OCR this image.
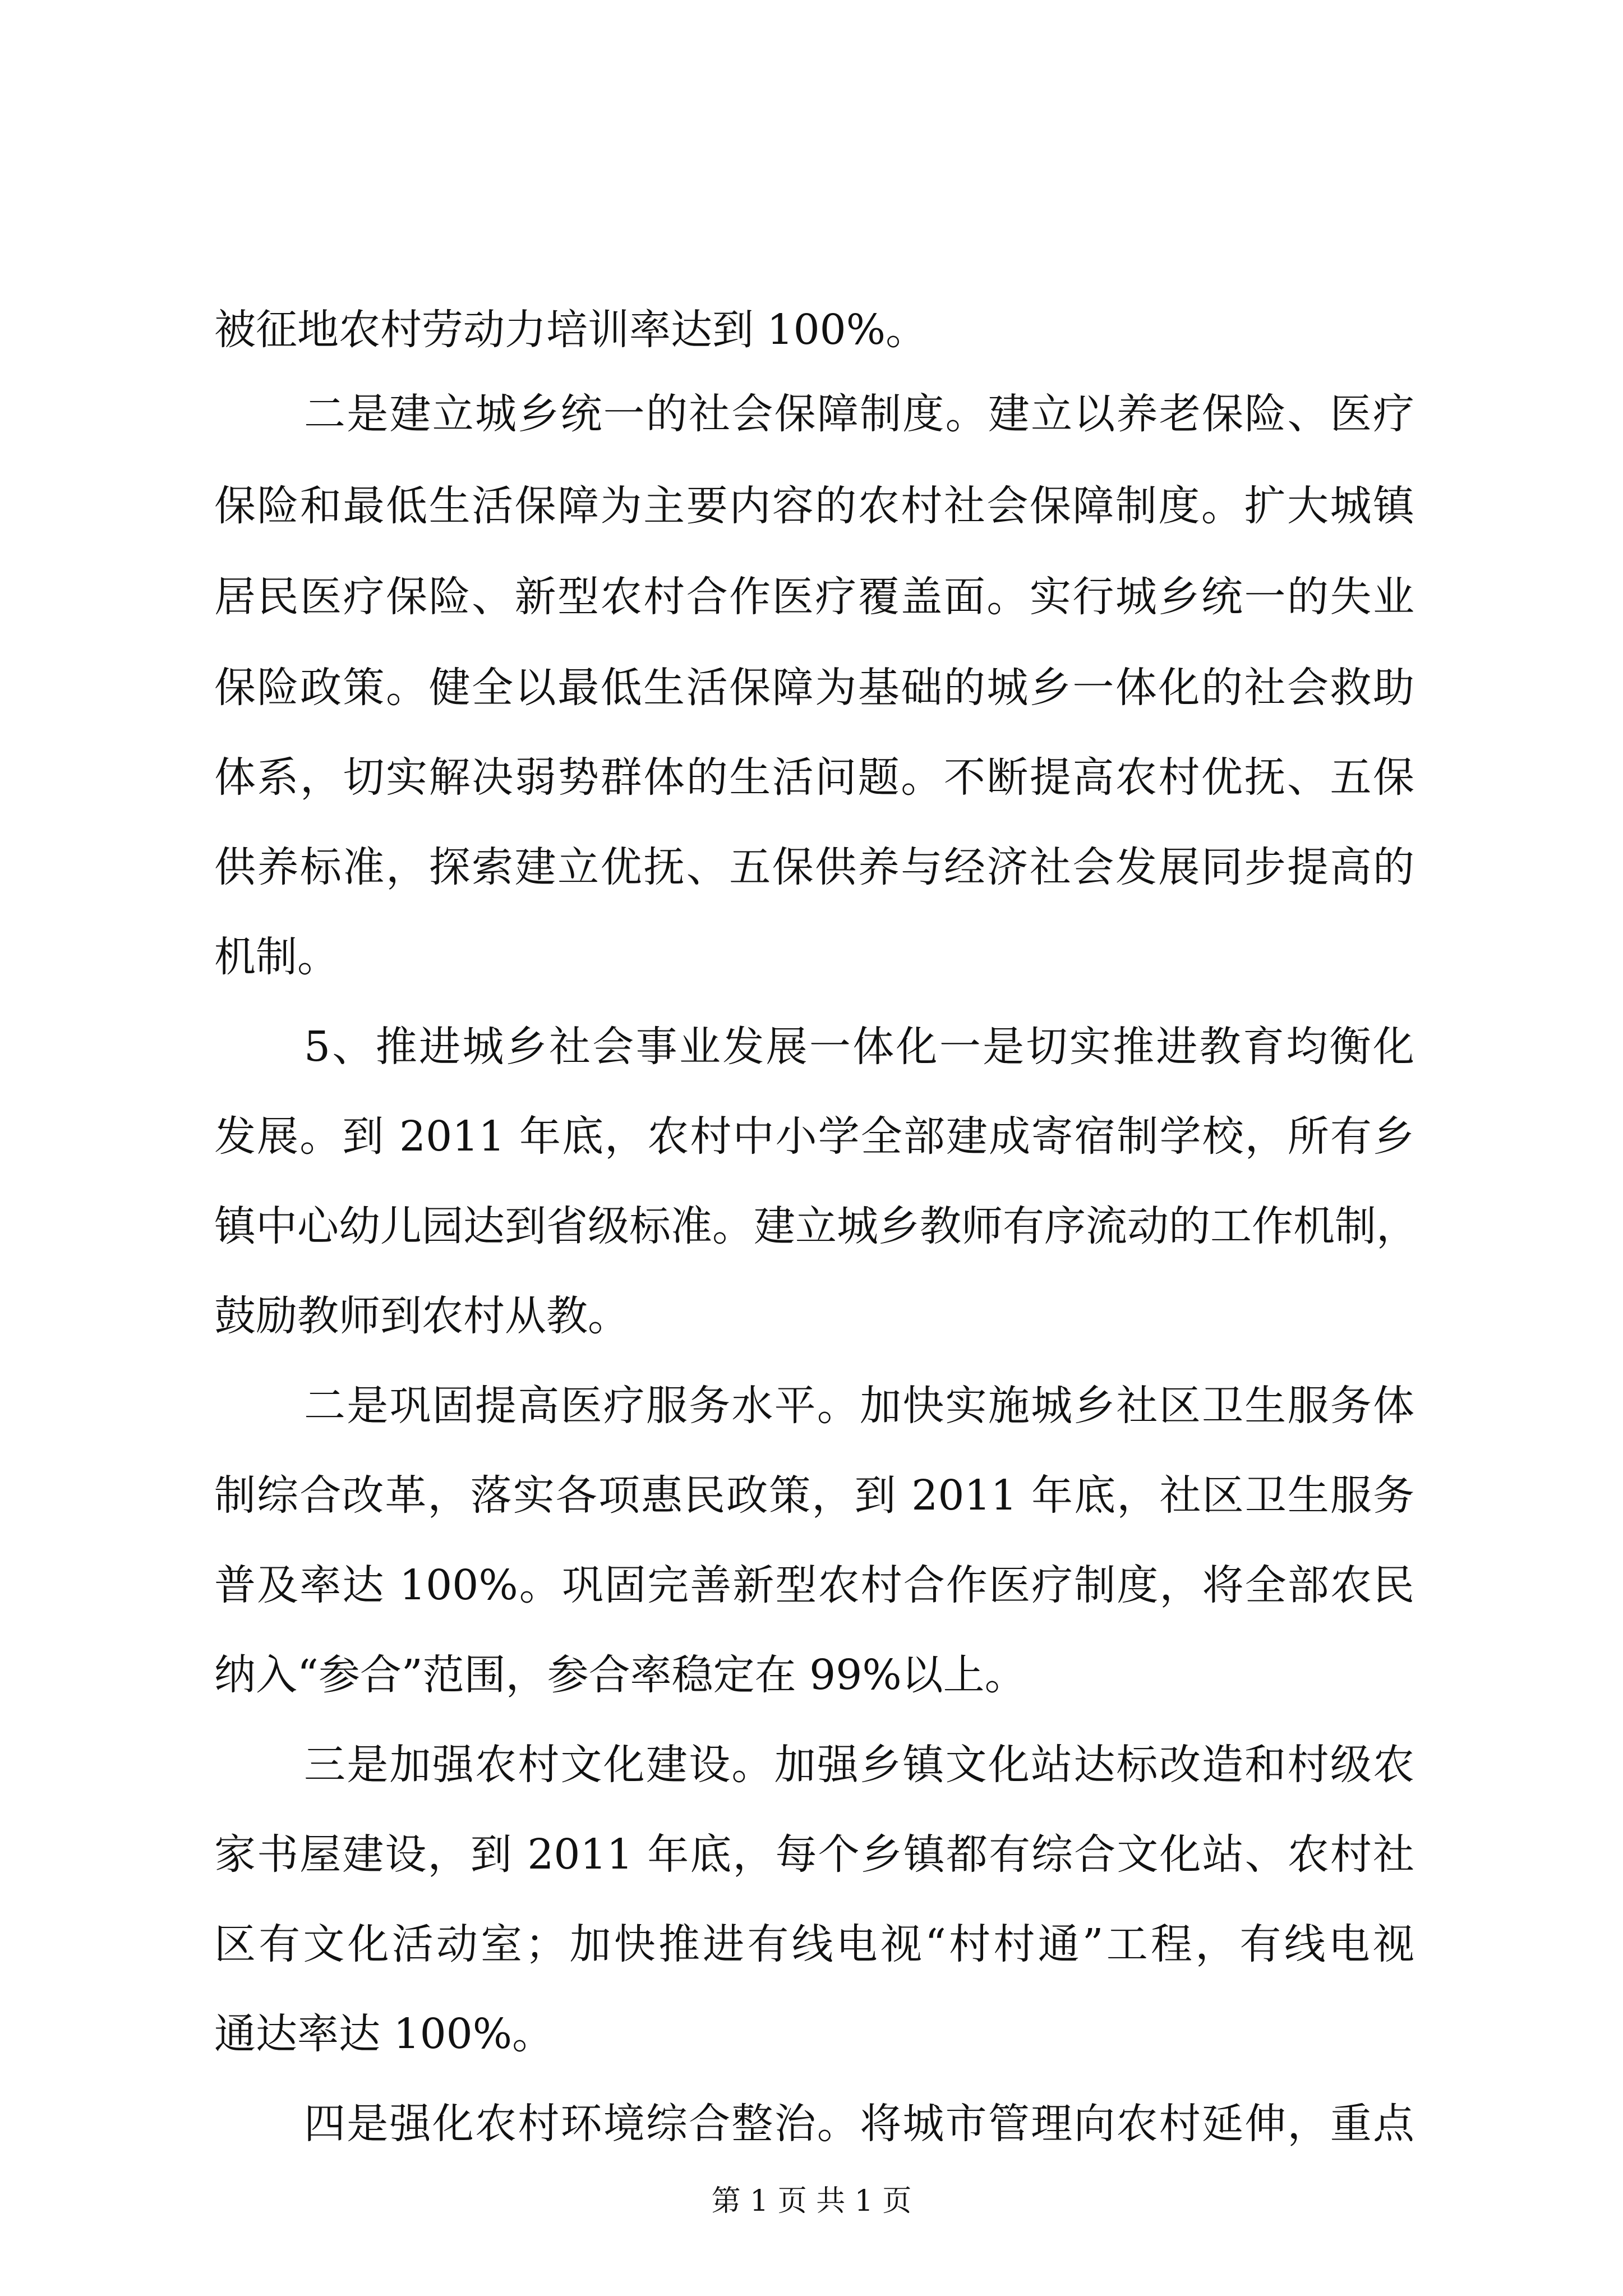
被征地农村劳动力培训率达到 100%。
二是建立城乡统一的社会保障制度。建立以养老保险、医疗
保险和最低生活保障为主要内容的农村社会保障制度。扩大城镇
居民医疗保险、新型农村合作医疗覆盖面。实行城乡统一的失业
保险政策。健全以最低生活保障为基础的城乡一体化的社会救助
体系，切实解决弱势群体的生活问题。不断提高农村优抚、五保
供养标准，探索建立优抚、五保供养与经济社会发展同步提高的
机制。
5、推进城乡社会事业发展一体化一是切实推进教育均衡化
发展。到 2011 年底，农村中小学全部建成寄宿制学校，所有乡
镇中心幼儿园达到省级标准。建立城乡教师有序流动的工作机制，
鼓励教师到农村从教。
二是巩固提高医疗服务水平。加快实施城乡社区卫生服务体
制综合改革，落实各项惠民政策，到 2011 年底，社区卫生服务
普及率达 100%。巩固完善新型农村合作医疗制度，将全部农民
纳入“参合”范围，参合率稳定在 99%以上。
三是加强农村文化建设。加强乡镇文化站达标改造和村级农
家书屋建设，到 2011 年底，每个乡镇都有综合文化站、农村社
区有文化活动室；加快推进有线电视“村村通”工程，有线电视
通达率达 100%。
四是强化农村环境综合整治。将城市管理向农村延伸，重点
第 1 页 共 1 页
